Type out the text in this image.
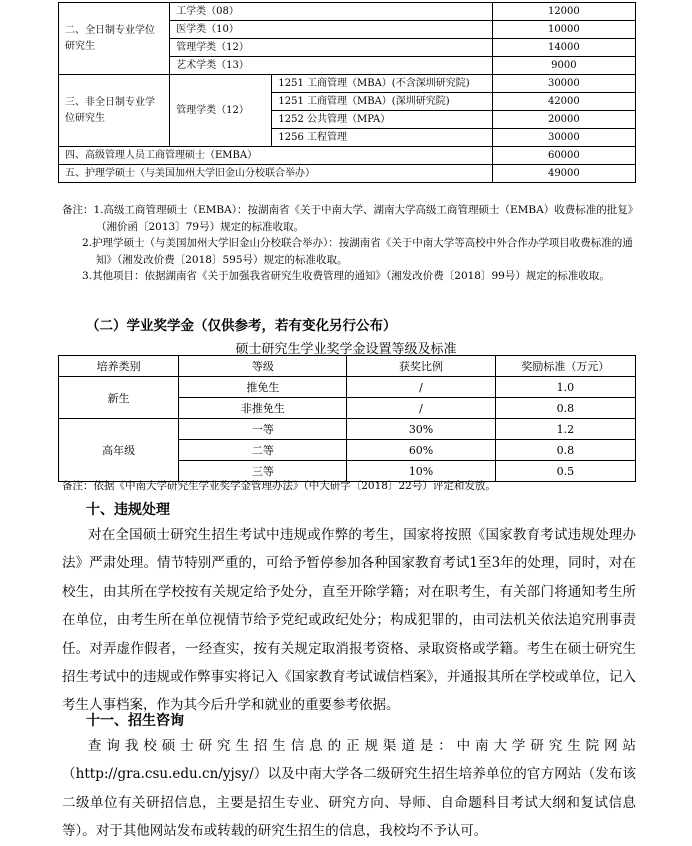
二、全日制专业学位研究生	工学类（08）		12000
	医学类（10）		10000
	管理学类（12）		14000
	艺术学类（13）		9000
三、非全日制专业学位研究生	管理学类（12）	1251 工商管理（MBA）(不含深圳研究院)	30000
		1251 工商管理（MBA）(深圳研究院)	42000
		1252 公共管理（MPA）	20000
		1256 工程管理	30000
四、高级管理人员工商管理硕士（EMBA）			60000
五、护理学硕士（与美国加州大学旧金山分校联合举办）			49000

备注：1.高级工商管理硕士（EMBA）：按湖南省《关于中南大学、湖南大学高级工商管理硕士（EMBA）收费标准的批复》（湘价函〔2013〕79号）规定的标准收取。

2.护理学硕士（与美国加州大学旧金山分校联合举办）：按湖南省《关于中南大学等高校中外合作办学项目收费标准的通知》（湘发改价费〔2018〕595号）规定的标准收取。

3.其他项目：依据湖南省《关于加强我省研究生收费管理的通知》（湘发改价费〔2018〕99号）规定的标准收取。

（二）学业奖学金（仅供参考，若有变化另行公布）
硕士研究生学业奖学金设置等级及标准
培养类别	等级	获奖比例	奖励标准（万元）
新生	推免生	/	1.0
	非推免生	/	0.8
高年级	一等	30%	1.2
	二等	60%	0.8
	三等	10%	0.5
备注：依据《中南大学研究生学业奖学金管理办法》（中大研字〔2018〕22号）评定和发放。
十、违规处理
对在全国硕士研究生招生考试中违规或作弊的考生，国家将按照《国家教育考试违规处理办法》严肃处理。情节特别严重的，可给予暂停参加各种国家教育考试1至3年的处理，同时，对在校生，由其所在学校按有关规定给予处分，直至开除学籍；对在职考生，有关部门将通知考生所在单位，由考生所在单位视情节给予党纪或政纪处分；构成犯罪的，由司法机关依法追究刑事责任。对弄虚作假者，一经查实，按有关规定取消报考资格、录取资格或学籍。考生在硕士研究生招生考试中的违规或作弊事实将记入《国家教育考试诚信档案》，并通报其所在学校或单位，记入考生人事档案，作为其今后升学和就业的重要参考依据。
十一、招生咨询
查询我校硕士研究生招生信息的正规渠道是：中南大学研究生院网站（http://gra.csu.edu.cn/yjsy/）以及中南大学各二级研究生招生培养单位的官方网站（发布该二级单位有关研招信息，主要是招生专业、研究方向、导师、自命题科目考试大纲和复试信息等）。对于其他网站发布或转载的研究生招生的信息，我校均不予认可。
